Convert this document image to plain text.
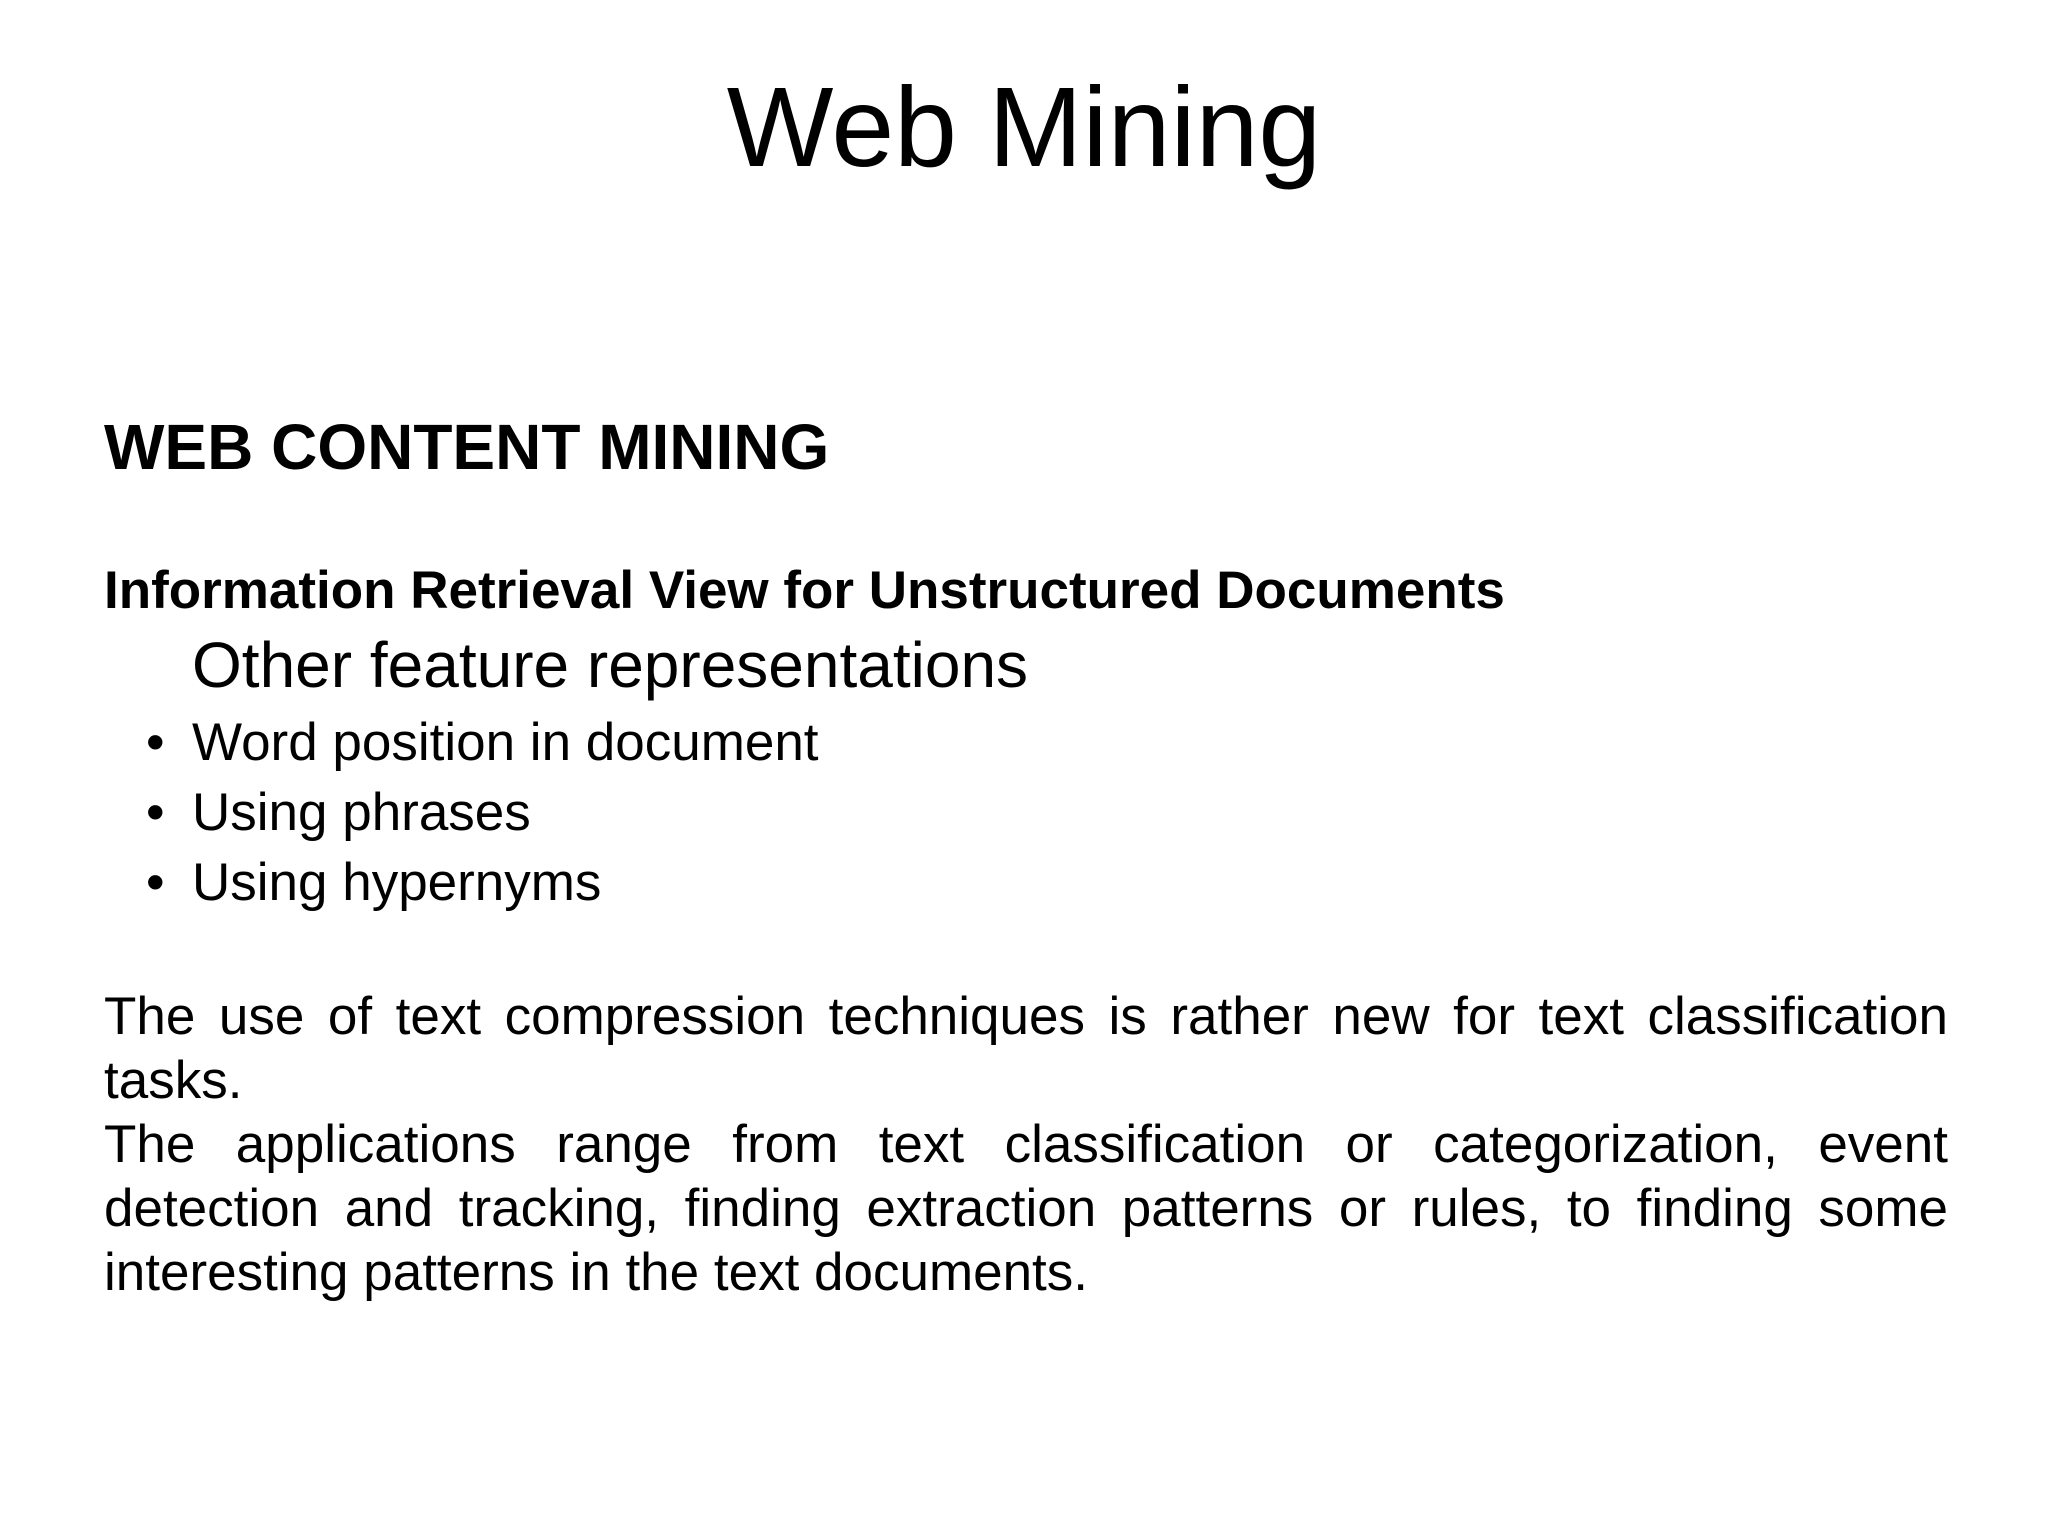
Web Mining
WEB CONTENT MINING
Information Retrieval View for Unstructured Documents
Other feature representations
• Word position in document
• Using phrases
• Using hypernyms

The use of text compression techniques is rather new for text classification tasks.

The applications range from text classification or categorization, event detection and tracking, finding extraction patterns or rules, to finding some interesting patterns in the text documents.
